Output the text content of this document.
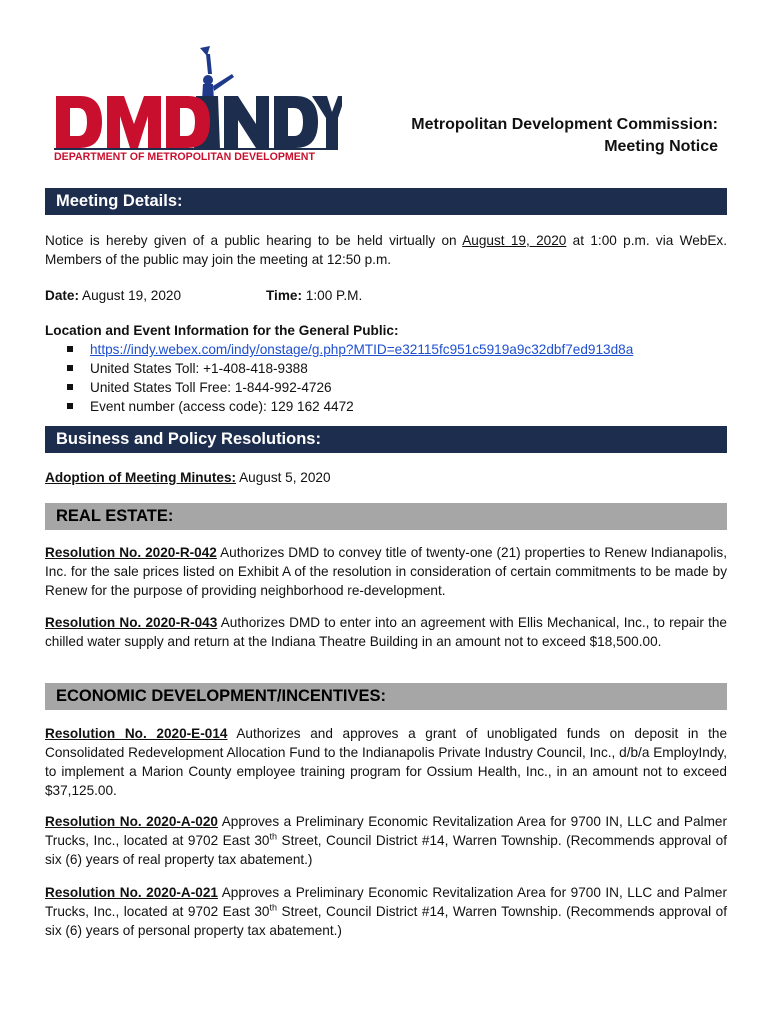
DEPARTMENT OF METROPOLITAN DEVELOPMENT
Metropolitan Development Commission:
Meeting Notice
Meeting Details:
Notice is hereby given of a public hearing to be held virtually on August 19, 2020 at 1:00 p.m. via WebEx. Members of the public may join the meeting at 12:50 p.m.
Date: August 19, 2020	Time: 1:00 P.M.
Location and Event Information for the General Public:
https://indy.webex.com/indy/onstage/g.php?MTID=e32115fc951c5919a9c32dbf7ed913d8a
United States Toll: +1-408-418-9388
United States Toll Free: 1-844-992-4726
Event number (access code): 129 162 4472
Business and Policy Resolutions:
Adoption of Meeting Minutes: August 5, 2020
REAL ESTATE:
Resolution No. 2020-R-042 Authorizes DMD to convey title of twenty-one (21) properties to Renew Indianapolis, Inc. for the sale prices listed on Exhibit A of the resolution in consideration of certain commitments to be made by Renew for the purpose of providing neighborhood re-development.
Resolution No. 2020-R-043 Authorizes DMD to enter into an agreement with Ellis Mechanical, Inc., to repair the chilled water supply and return at the Indiana Theatre Building in an amount not to exceed $18,500.00.
ECONOMIC DEVELOPMENT/INCENTIVES:
Resolution No. 2020-E-014 Authorizes and approves a grant of unobligated funds on deposit in the Consolidated Redevelopment Allocation Fund to the Indianapolis Private Industry Council, Inc., d/b/a EmployIndy, to implement a Marion County employee training program for Ossium Health, Inc., in an amount not to exceed $37,125.00.
Resolution No. 2020-A-020 Approves a Preliminary Economic Revitalization Area for 9700 IN, LLC and Palmer Trucks, Inc., located at 9702 East 30th Street, Council District #14, Warren Township. (Recommends approval of six (6) years of real property tax abatement.)
Resolution No. 2020-A-021 Approves a Preliminary Economic Revitalization Area for 9700 IN, LLC and Palmer Trucks, Inc., located at 9702 East 30th Street, Council District #14, Warren Township. (Recommends approval of six (6) years of personal property tax abatement.)
